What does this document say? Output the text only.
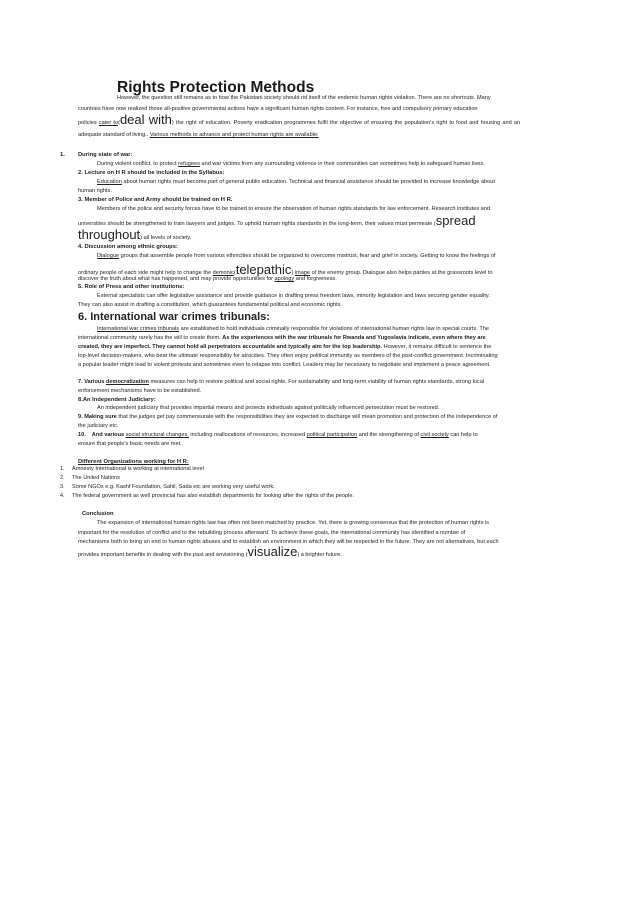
Rights Protection Methods
However, the question still remains as to how the Pakistani society should rid itself of the endemic human rights violation. There are no shortcuts. Many
countries have now realized those all-positive governmental actions have a significant human rights content. For instance, free and compulsory primary education
policies cater to(deal with) the right of education. Poverty eradication programmes fulfil the objective of ensuring the population's right to food and housing and an
adequate standard of living.. Various methods to advance and protect human rights are available:
1. During state of war:
During violent conflict, to protect refugees and war victims from any surrounding violence in their communities can sometimes help to safeguard human lives.
2. Lecture on H R should be included in the Syllabus:
Education about human rights must become part of general public education. Technical and financial assistance should be provided to increase knowledge about
human rights.
3. Member of Police and Army should be trained on H R.
Members of the police and security forces have to be trained to ensure the observation of human rights standards for law enforcement. Research institutes and
universities should be strengthened to train lawyers and judges. To uphold human rights standards in the long-term, their values must permeate (spread
throughout) all levels of society.
4. Discussion among ethnic groups:
Dialogue groups that assemble people from various ethnicities should be organized to overcome mistrust, fear and grief in society. Getting to know the feelings of
ordinary people of each side might help to change the demonic(telepathic) image of the enemy group. Dialogue also helps parties at the grassroots level to
discover the truth about what has happened, and may provide opportunities for apology and forgiveness.
5. Role of Press and other institutions:
External specialists can offer legislative assistance and provide guidance in drafting press freedom laws, minority legislation and laws securing gender equality.
They can also assist in drafting a constitution, which guarantees fundamental political and economic rights.
6. International war crimes tribunals:
International war crimes tribunals are established to hold individuals criminally responsible for violations of international human rights law in special courts. The
international community rarely has the will to create them. As the experiences with the war tribunals for Rwanda and Yugoslavia indicate, even where they are
created, they are imperfect. They cannot hold all perpetrators accountable and typically aim for the top leadership. However, it remains difficult to sentence the
top-level decision-makers, who bear the ultimate responsibility for atrocities. They often enjoy political immunity as members of the post-conflict government. Incriminating
a popular leader might lead to violent protests and sometimes even to relapse into conflict. Leaders may be necessary to negotiate and implement a peace agreement.
7. Various democratization measures can help to restore political and social rights. For sustainability and long-term viability of human rights standards, strong local
enforcement mechanisms have to be established.
8.An Independent Judiciary:
An independent judiciary that provides impartial means and protects individuals against politically influenced persecution must be restored.
9. Making sure that the judges get pay commensurate with the responsibilities they are expected to discharge will mean promotion and protection of the independence of
the judiciary etc.
10.    And various social structural changes, including reallocations of resources, increased political participation and the strengthening of civil society can help to
ensure that people's basic needs are met.
Different Organizations working for H R:
1. Amnesty International is working at international level
2. The United Nations
3. Some NGOs e.g. Kashf Foundation, Sahil, Sada etc are working very useful work.
4. The federal government as well provincial has also establish departments for looking after the rights of the people.
Conclusion
The expansion of international human rights law has often not been matched by practice. Yet, there is growing consensus that the protection of human rights is
important for the resolution of conflict and to the rebuilding process afterward. To achieve these goals, the international community has identified a number of
mechanisms both to bring an end to human rights abuses and to establish an environment in which they will be respected in the future. They are not alternatives, but each
provides important benefits in dealing with the past and envisioning (visualize) a brighter future.
